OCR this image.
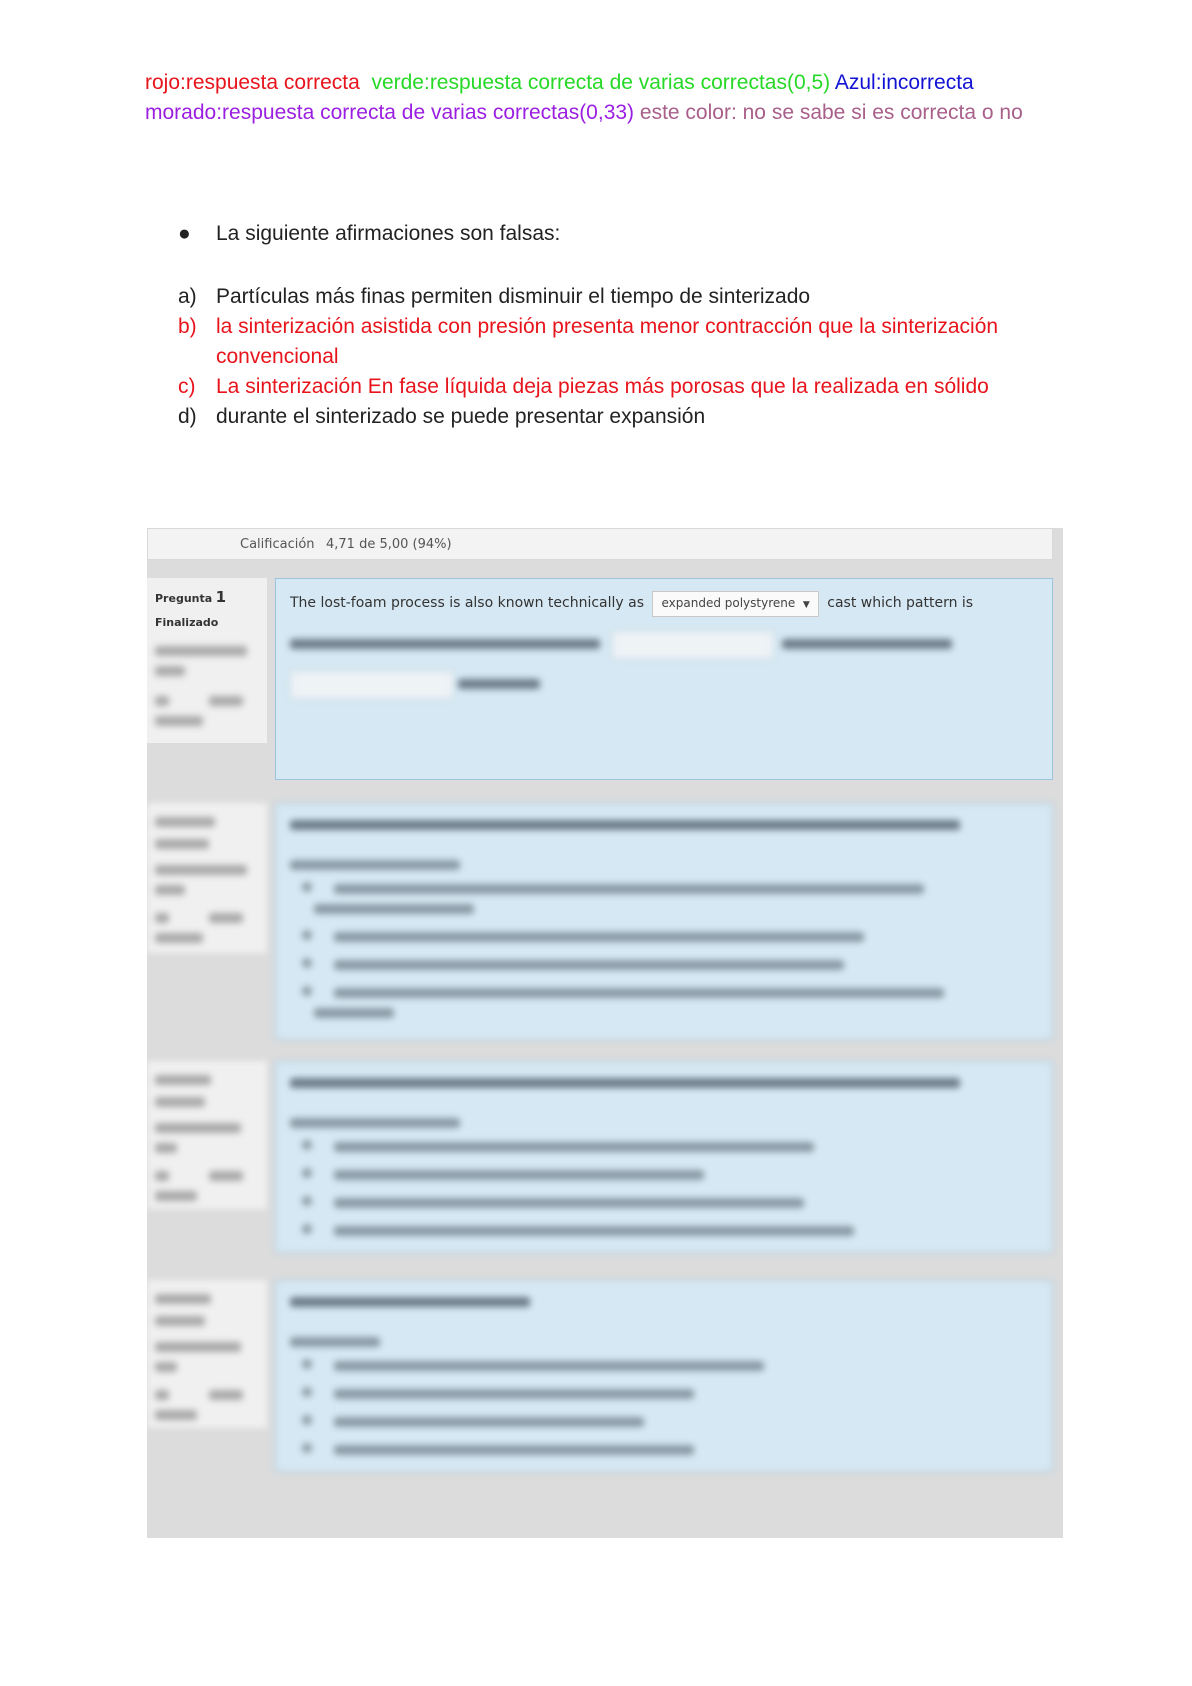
rojo:respuesta correcta verde:respuesta correcta de varias correctas(0,5) Azul:incorrecta
morado:respuesta correcta de varias correctas(0,33) este color: no se sabe si es correcta o no
●	La siguiente afirmaciones son falsas:
a) Partículas más finas permiten disminuir el tiempo de sinterizado
b) la sinterización asistida con presión presenta menor contracción que la sinterización convencional
c) La sinterización En fase líquida deja piezas más porosas que la realizada en sólido
d) durante el sinterizado se puede presentar expansión
Calificación 4,71 de 5,00 (94%)
Pregunta 1
Finalizado
The lost-foam process is also known technically as expanded polystyrene ▼ cast which pattern is
